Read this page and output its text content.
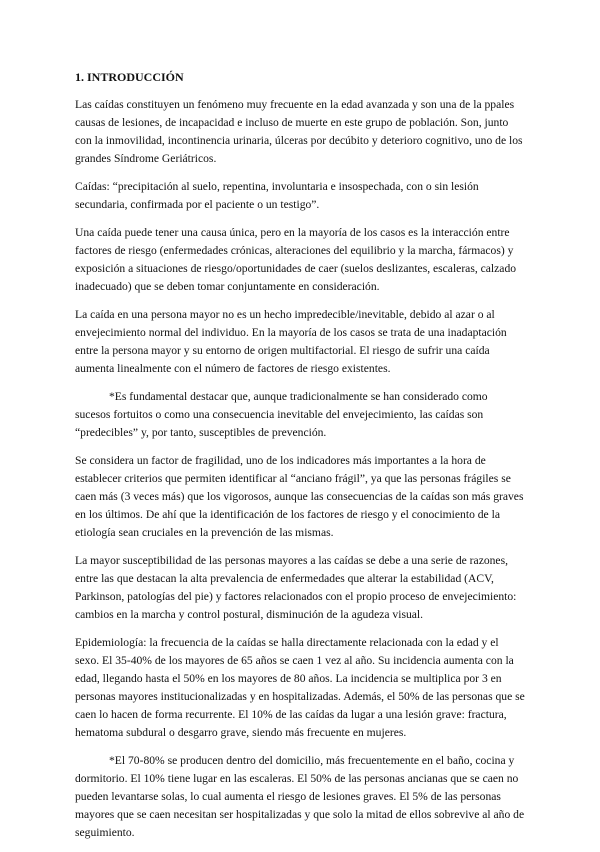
1. INTRODUCCIÓN

Las caídas constituyen un fenómeno muy frecuente en la edad avanzada y son una de la ppales causas de lesiones, de incapacidad e incluso de muerte en este grupo de población. Son, junto con la inmovilidad, incontinencia urinaria, úlceras por decúbito y deterioro cognitivo, uno de los grandes Síndrome Geriátricos.

Caídas: “precipitación al suelo, repentina, involuntaria e insospechada, con o sin lesión secundaria, confirmada por el paciente o un testigo”.

Una caída puede tener una causa única, pero en la mayoría de los casos es la interacción entre factores de riesgo (enfermedades crónicas, alteraciones del equilibrio y la marcha, fármacos) y exposición a situaciones de riesgo/oportunidades de caer (suelos deslizantes, escaleras, calzado inadecuado) que se deben tomar conjuntamente en consideración.

La caída en una persona mayor no es un hecho impredecible/inevitable, debido al azar o al envejecimiento normal del individuo. En la mayoría de los casos se trata de una inadaptación entre la persona mayor y su entorno de origen multifactorial. El riesgo de sufrir una caída aumenta linealmente con el número de factores de riesgo existentes.

*Es fundamental destacar que, aunque tradicionalmente se han considerado como sucesos fortuitos o como una consecuencia inevitable del envejecimiento, las caídas son “predecibles” y, por tanto, susceptibles de prevención.

Se considera un factor de fragilidad, uno de los indicadores más importantes a la hora de establecer criterios que permiten identificar al “anciano frágil”, ya que las personas frágiles se caen más (3 veces más) que los vigorosos, aunque las consecuencias de la caídas son más graves en los últimos. De ahí que la identificación de los factores de riesgo y el conocimiento de la etiología sean cruciales en la prevención de las mismas.

La mayor susceptibilidad de las personas mayores a las caídas se debe a una serie de razones, entre las que destacan la alta prevalencia de enfermedades que alterar la estabilidad (ACV, Parkinson, patologías del pie) y factores relacionados con el propio proceso de envejecimiento: cambios en la marcha y control postural, disminución de la agudeza visual.

Epidemiología: la frecuencia de la caídas se halla directamente relacionada con la edad y el sexo. El 35-40% de los mayores de 65 años se caen 1 vez al año. Su incidencia aumenta con la edad, llegando hasta el 50% en los mayores de 80 años. La incidencia se multiplica por 3 en personas mayores institucionalizadas y en hospitalizadas. Además, el 50% de las personas que se caen lo hacen de forma recurrente. El 10% de las caídas da lugar a una lesión grave: fractura, hematoma subdural o desgarro grave, siendo más frecuente en mujeres.

*El 70-80% se producen dentro del domicilio, más frecuentemente en el baño, cocina y dormitorio. El 10% tiene lugar en las escaleras. El 50% de las personas ancianas que se caen no pueden levantarse solas, lo cual aumenta el riesgo de lesiones graves. El 5% de las personas mayores que se caen necesitan ser hospitalizadas y que solo la mitad de ellos sobrevive al año de seguimiento.
